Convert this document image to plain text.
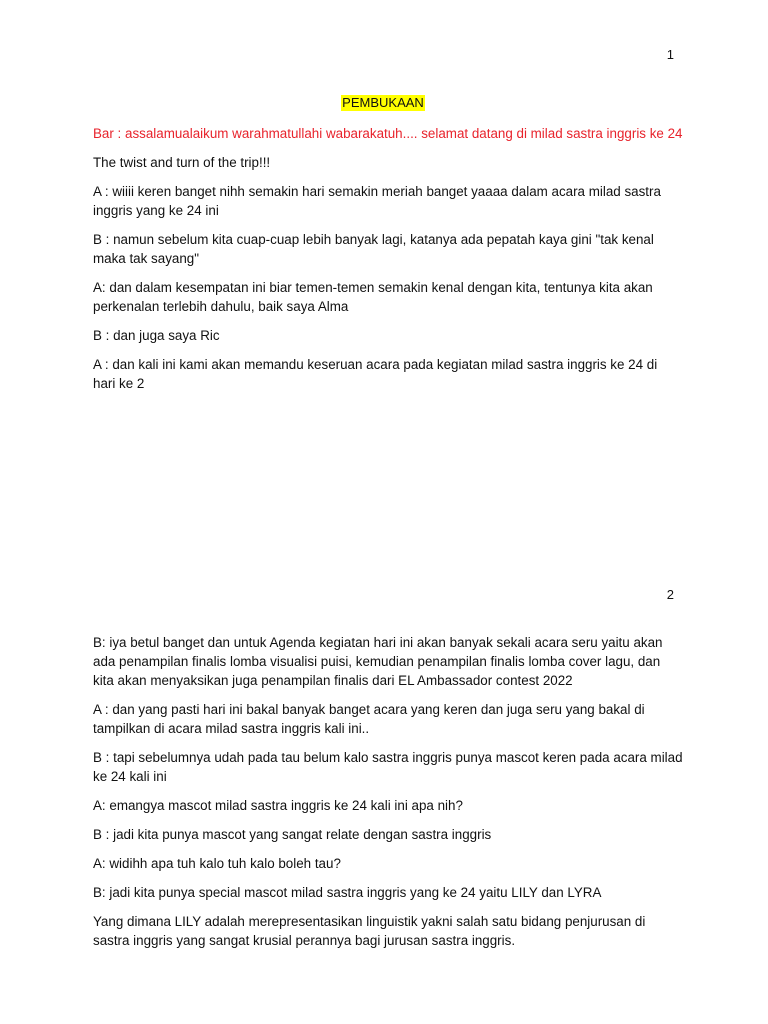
1
PEMBUKAAN

Bar : assalamualaikum warahmatullahi wabarakatuh.... selamat datang di milad sastra inggris ke 24

The twist and turn of the trip!!!

A : wiiii keren banget nihh semakin hari semakin meriah banget yaaaa dalam acara milad sastra inggris yang ke 24 ini

B : namun sebelum kita cuap-cuap lebih banyak lagi, katanya ada pepatah kaya gini "tak kenal maka tak sayang"

A: dan dalam kesempatan ini biar temen-temen semakin kenal dengan kita, tentunya kita akan perkenalan terlebih dahulu, baik saya Alma

B : dan juga saya Ric

A : dan kali ini kami akan memandu keseruan acara pada kegiatan milad sastra inggris ke 24 di hari ke 2

2

B: iya betul banget dan untuk Agenda kegiatan hari ini akan banyak sekali acara seru yaitu akan ada penampilan finalis lomba visualisi puisi, kemudian penampilan finalis lomba cover lagu, dan kita akan menyaksikan juga penampilan finalis dari EL Ambassador contest 2022

A : dan yang pasti hari ini bakal banyak banget acara yang keren dan juga seru yang bakal di tampilkan di acara milad sastra inggris kali ini..

B : tapi sebelumnya udah pada tau belum kalo sastra inggris punya mascot keren pada acara milad ke 24 kali ini

A: emangya mascot milad sastra inggris ke 24 kali ini apa nih?

B : jadi kita punya mascot yang sangat relate dengan sastra inggris

A: widihh apa tuh kalo tuh kalo boleh tau?

B: jadi kita punya special mascot milad sastra inggris yang ke 24 yaitu LILY dan LYRA

Yang dimana LILY adalah merepresentasikan linguistik yakni salah satu bidang penjurusan di sastra inggris yang sangat krusial perannya bagi jurusan sastra inggris.
